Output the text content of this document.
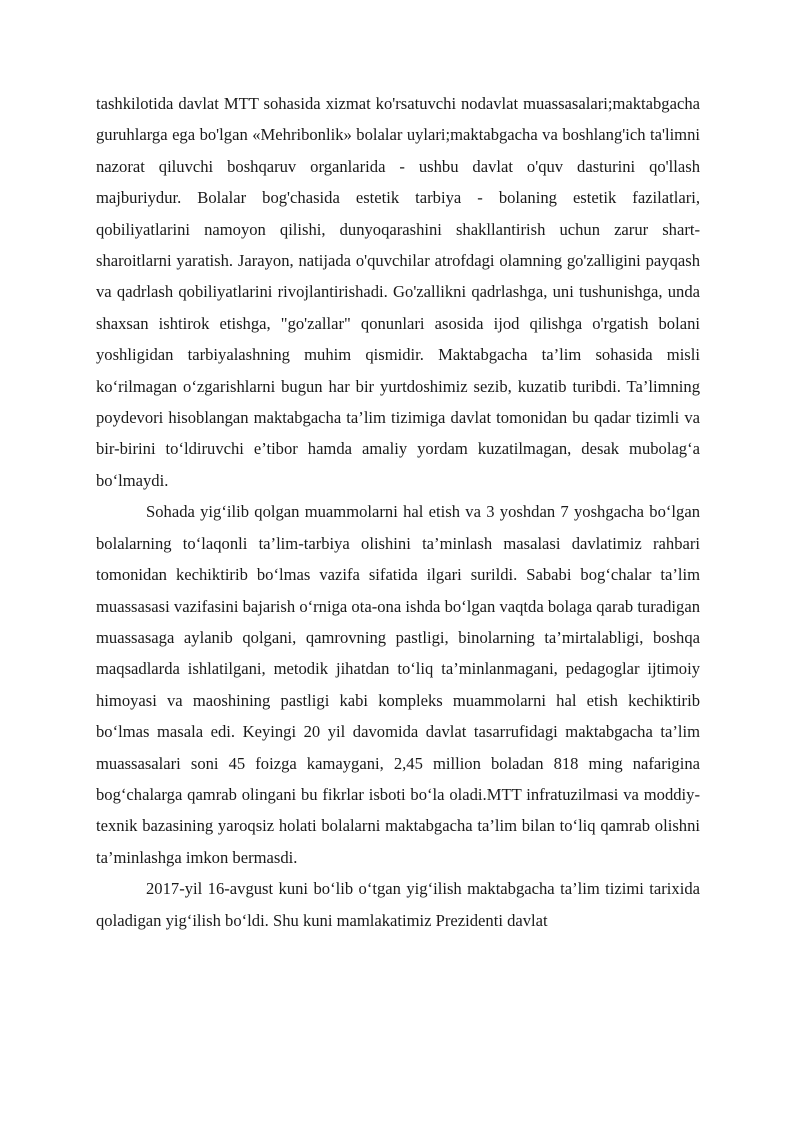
tashkilotida davlat MTT sohasida xizmat ko'rsatuvchi nodavlat muassasalari;maktabgacha guruhlarga ega bo'lgan «Mehribonlik» bolalar uylari;maktabgacha va boshlang'ich ta'limni nazorat qiluvchi boshqaruv organlarida - ushbu davlat o'quv dasturini qo'llash majburiydur. Bolalar bog'chasida estetik tarbiya - bolaning estetik fazilatlari, qobiliyatlarini namoyon qilishi, dunyoqarashini shakllantirish uchun zarur shart-sharoitlarni yaratish. Jarayon, natijada o'quvchilar atrofdagi olamning go'zalligini payqash va qadrlash qobiliyatlarini rivojlantirishadi. Go'zallikni qadrlashga, uni tushunishga, unda shaxsan ishtirok etishga, "go'zallar" qonunlari asosida ijod qilishga o'rgatish bolani yoshligidan tarbiyalashning muhim qismidir. Maktabgacha ta’lim sohasida misli ko‘rilmagan o‘zgarishlarni bugun har bir yurtdoshimiz sezib, kuzatib turibdi. Ta’limning poydevori hisoblangan maktabgacha ta’lim tizimiga davlat tomonidan bu qadar tizimli va bir-birini to‘ldiruvchi e’tibor hamda amaliy yordam kuzatilmagan, desak mubolag‘a bo‘lmaydi.

Sohada yig‘ilib qolgan muammolarni hal etish va 3 yoshdan 7 yoshgacha bo‘lgan bolalarning to‘laqonli ta’lim-tarbiya olishini ta’minlash masalasi davlatimiz rahbari tomonidan kechiktirib bo‘lmas vazifa sifatida ilgari surildi. Sababi bog‘chalar ta’lim muassasasi vazifasini bajarish o‘rniga ota-ona ishda bo‘lgan vaqtda bolaga qarab turadigan muassasaga aylanib qolgani, qamrovning pastligi, binolarning ta’mirtalabligi, boshqa maqsadlarda ishlatilgani, metodik jihatdan to‘liq ta’minlanmagani, pedagoglar ijtimoiy himoyasi va maoshining pastligi kabi kompleks muammolarni hal etish kechiktirib bo‘lmas masala edi. Keyingi 20 yil davomida davlat tasarrufidagi maktabgacha ta’lim muassasalari soni 45 foizga kamaygani, 2,45 million boladan 818 ming nafarigina bog‘chalarga qamrab olingani bu fikrlar isboti bo‘la oladi.MTT infratuzilmasi va moddiy-texnik bazasining yaroqsiz holati bolalarni maktabgacha ta’lim bilan to‘liq qamrab olishni ta’minlashga imkon bermasdi.

2017-yil 16-avgust kuni bo‘lib o‘tgan yig‘ilish maktabgacha ta’lim tizimi tarixida qoladigan yig‘ilish bo‘ldi. Shu kuni mamlakatimiz Prezidenti davlat
